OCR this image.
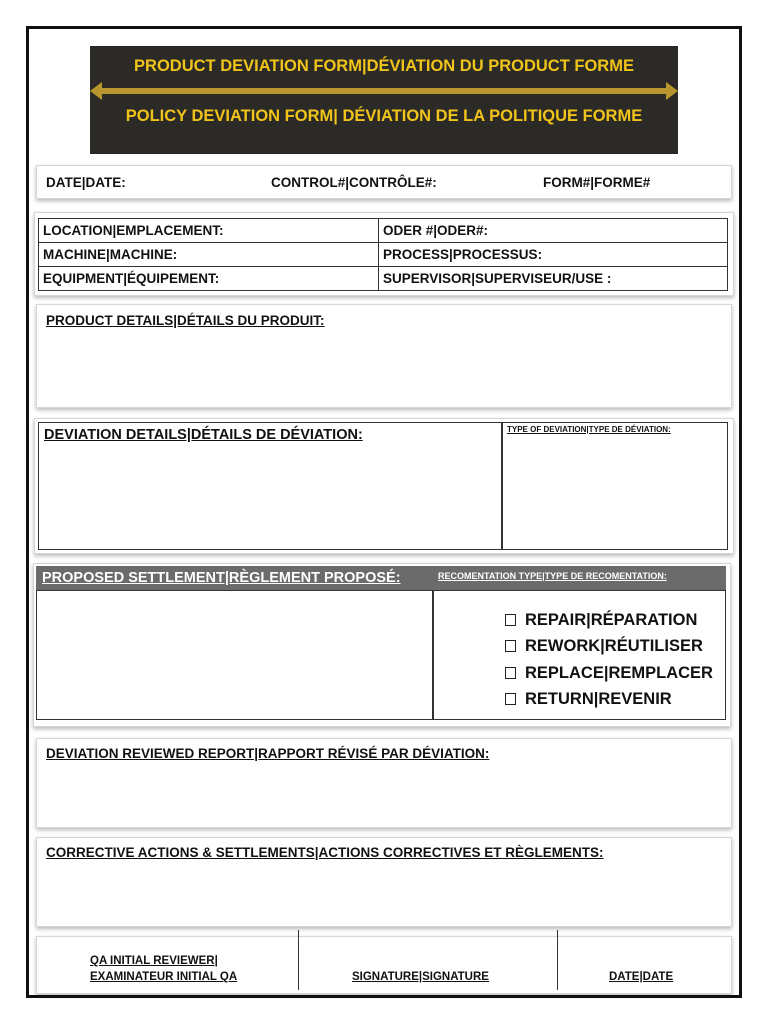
PRODUCT DEVIATION FORM|DÉVIATION DU PRODUCT FORME
POLICY DEVIATION FORM| DÉVIATION DE LA POLITIQUE FORME
DATE|DATE:	CONTROL#|CONTRÔLE#:	FORM#|FORME#
LOCATION|EMPLACEMENT:	ODER #|ODER#:
MACHINE|MACHINE:	PROCESS|PROCESSUS:
EQUIPMENT|ÉQUIPEMENT:	SUPERVISOR|SUPERVISEUR/USE :
PRODUCT DETAILS|DÉTAILS DU PRODUIT:
DEVIATION DETAILS|DÉTAILS DE DÉVIATION:	TYPE OF DEVIATION|TYPE DE DÉVIATION:
PROPOSED SETTLEMENT|RÈGLEMENT PROPOSÉ:	RECOMENTATION TYPE|TYPE DE RECOMENTATION:
REPAIR|RÉPARATION
REWORK|RÉUTILISER
REPLACE|REMPLACER
RETURN|REVENIR
DEVIATION REVIEWED REPORT|RAPPORT RÉVISÉ PAR DÉVIATION:
CORRECTIVE ACTIONS & SETTLEMENTS|ACTIONS CORRECTIVES ET RÈGLEMENTS:
QA INITIAL REVIEWER|
EXAMINATEUR INITIAL QA	SIGNATURE|SIGNATURE	DATE|DATE
